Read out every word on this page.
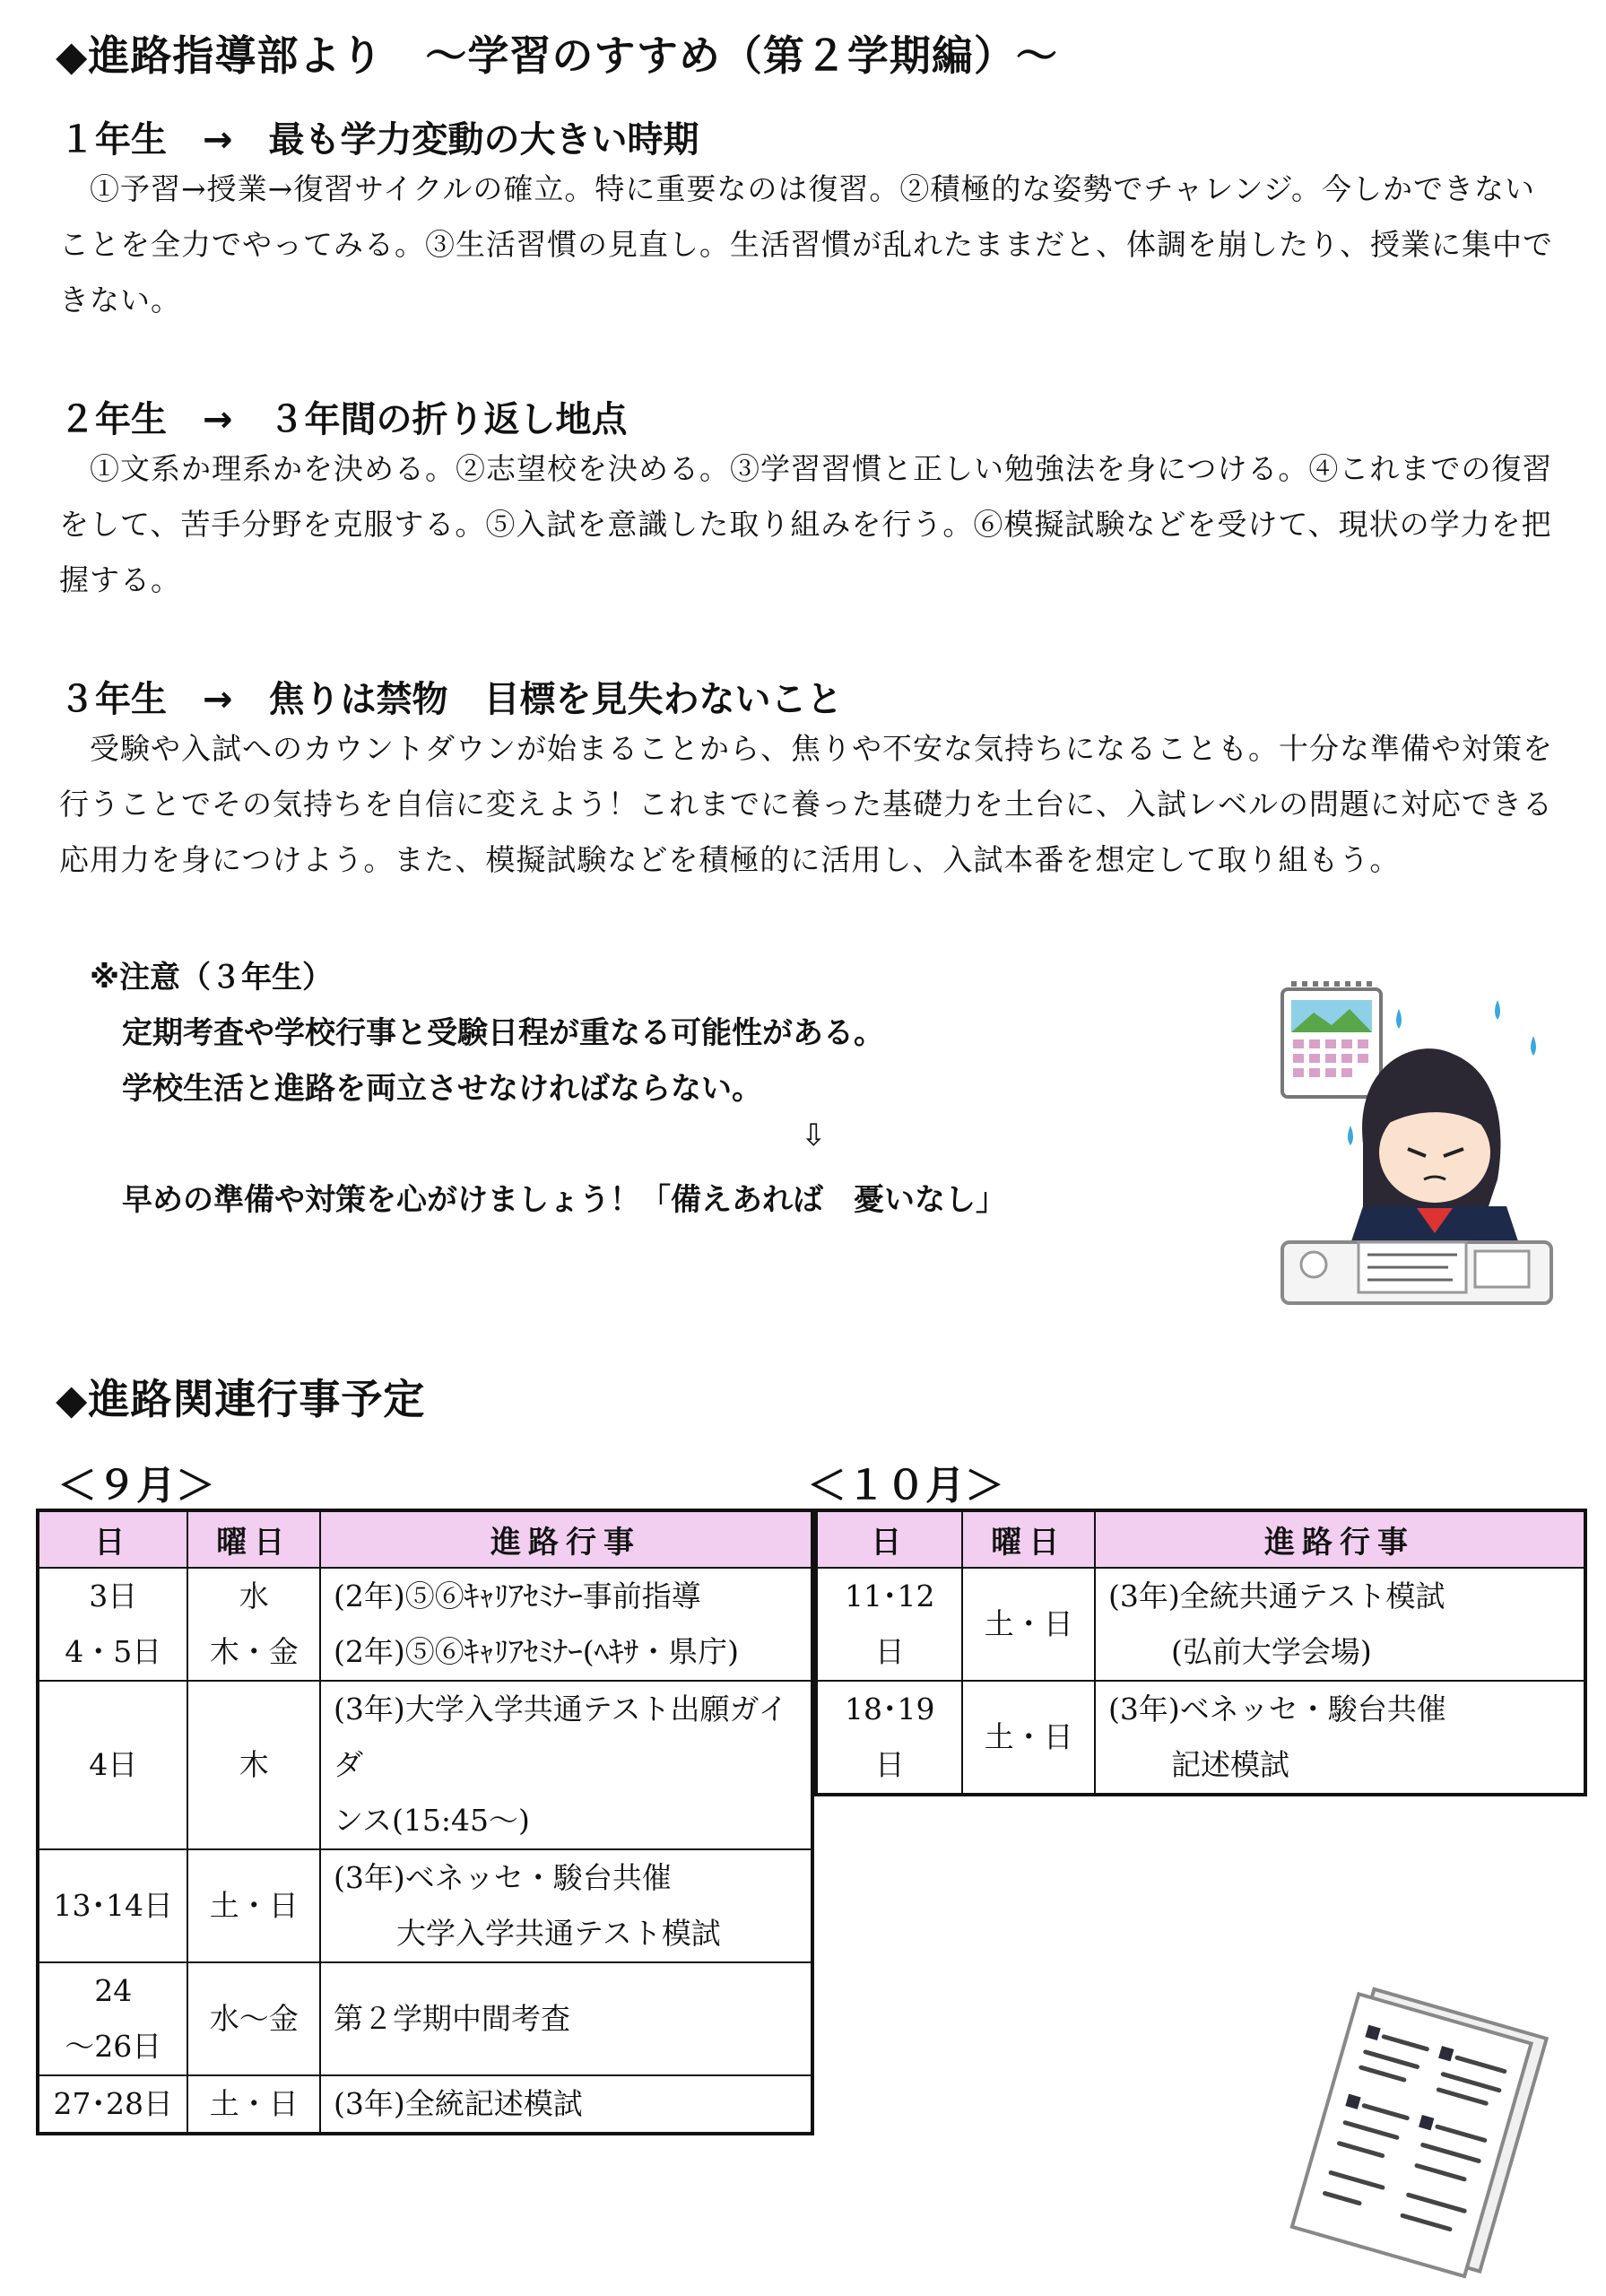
◆進路指導部より　～学習のすすめ（第２学期編）～
１年生　→　最も学力変動の大きい時期
　①予習→授業→復習サイクルの確立。特に重要なのは復習。②積極的な姿勢でチャレンジ。今しかできないことを全力でやってみる。③生活習慣の見直し。生活習慣が乱れたままだと、体調を崩したり、授業に集中できない。
２年生　→　３年間の折り返し地点
　①文系か理系かを決める。②志望校を決める。③学習習慣と正しい勉強法を身につける。④これまでの復習をして、苦手分野を克服する。⑤入試を意識した取り組みを行う。⑥模擬試験などを受けて、現状の学力を把握する。
３年生　→　焦りは禁物　目標を見失わないこと
　受験や入試へのカウントダウンが始まることから、焦りや不安な気持ちになることも。十分な準備や対策を行うことでその気持ちを自信に変えよう！これまでに養った基礎力を土台に、入試レベルの問題に対応できる応用力を身につけよう。また、模擬試験などを積極的に活用し、入試本番を想定して取り組もう。
※注意（３年生）
定期考査や学校行事と受験日程が重なる可能性がある。
学校生活と進路を両立させなければならない。
⇩
早めの準備や対策を心がけましょう！「備えあれば　憂いなし」
◆進路関連行事予定
＜９月＞	＜１０月＞
日	曜日	進路行事
3日	水	(2年)⑤⑥ｷｬﾘｱｾﾐﾅｰ事前指導
4・5日	木・金	(2年)⑤⑥ｷｬﾘｱｾﾐﾅｰ(ﾍｷｻ・県庁)
4日	木	(3年)大学入学共通テスト出願ガイダ
ンス(15:45～)

13･14日	土・日	(3年)ベネッセ・駿台共催
大学入学共通テスト模試

24
～26日	水～金	第２学期中間考査
27･28日	土・日	(3年)全統記述模試
日	曜日	進路行事
11･12日	土・日	(3年)全統共通テスト模試
(弘前大学会場)

18･19日	土・日	(3年)ベネッセ・駿台共催
記述模試
